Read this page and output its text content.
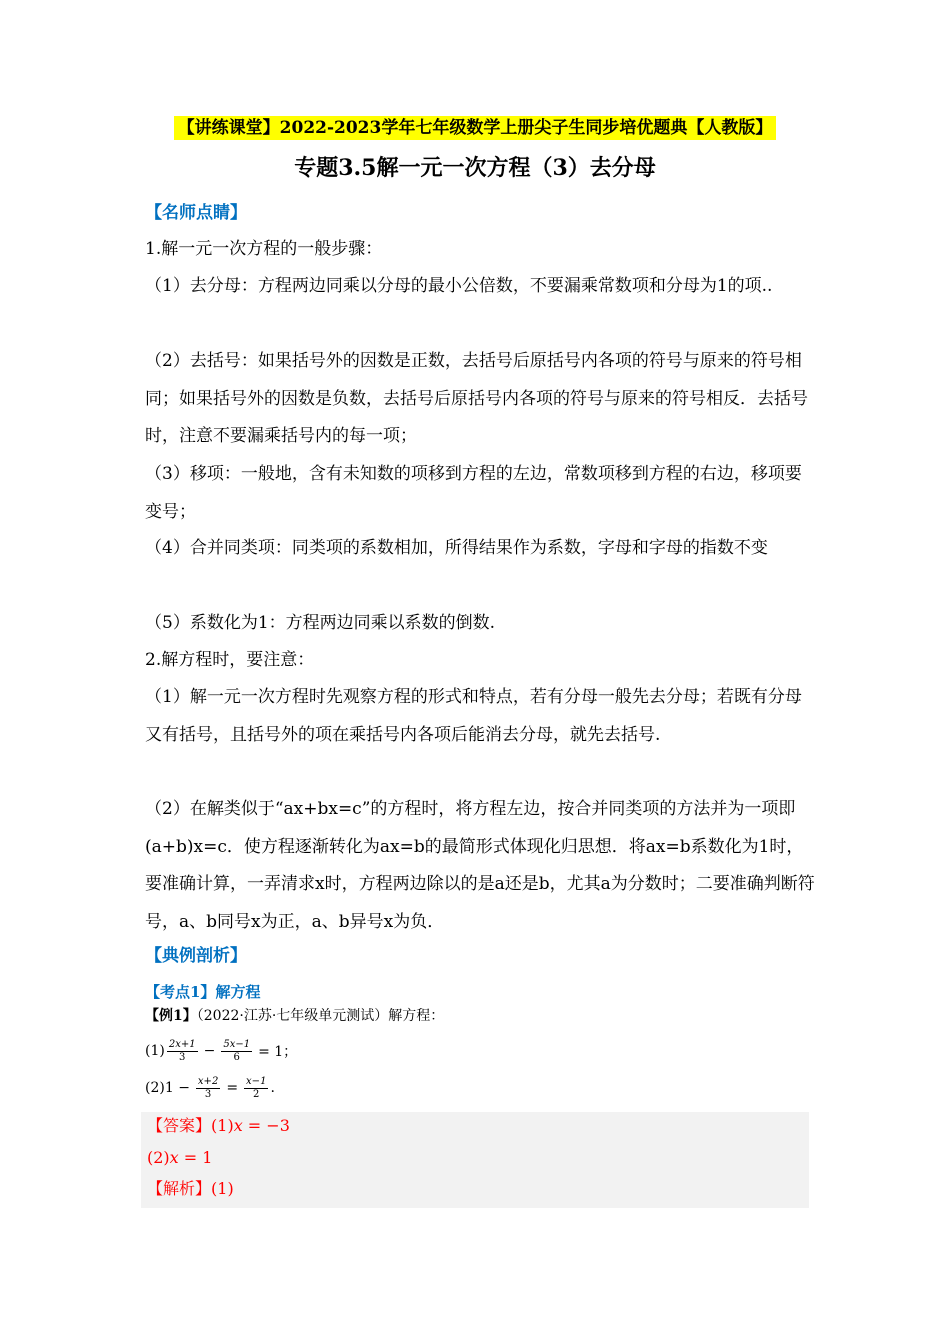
【讲练课堂】2022-2023学年七年级数学上册尖子生同步培优题典【人教版】
专题3.5解一元一次方程（3）去分母
【名师点睛】
1.解一元一次方程的一般步骤：
（1）去分母：方程两边同乘以分母的最小公倍数，不要漏乘常数项和分母为1的项..
（2）去括号：如果括号外的因数是正数，去括号后原括号内各项的符号与原来的符号相同；如果括号外的因数是负数，去括号后原括号内各项的符号与原来的符号相反．去括号时，注意不要漏乘括号内的每一项；
（3）移项：一般地，含有未知数的项移到方程的左边，常数项移到方程的右边，移项要变号；
（4）合并同类项：同类项的系数相加，所得结果作为系数，字母和字母的指数不变
（5）系数化为1：方程两边同乘以系数的倒数.
2.解方程时，要注意：
（1）解一元一次方程时先观察方程的形式和特点，若有分母一般先去分母；若既有分母又有括号，且括号外的项在乘括号内各项后能消去分母，就先去括号.
（2）在解类似于“ax+bx=c”的方程时，将方程左边，按合并同类项的方法并为一项即(a+b)x=c．使方程逐渐转化为ax=b的最简形式体现化归思想．将ax=b系数化为1时，要准确计算，一弄清求x时，方程两边除以的是a还是b，尤其a为分数时；二要准确判断符号，a、b同号x为正，a、b异号x为负．
【典例剖析】
【考点1】解方程
【例1】（2022·江苏·七年级单元测试）解方程：
$(1) \frac{2x+1}{3} - \frac{5x-1}{6} = 1$；
$(2)1 - \frac{x+2}{3} = \frac{x-1}{2}$ .
【答案】(1)x = −3
(2)x = 1
【解析】(1)
